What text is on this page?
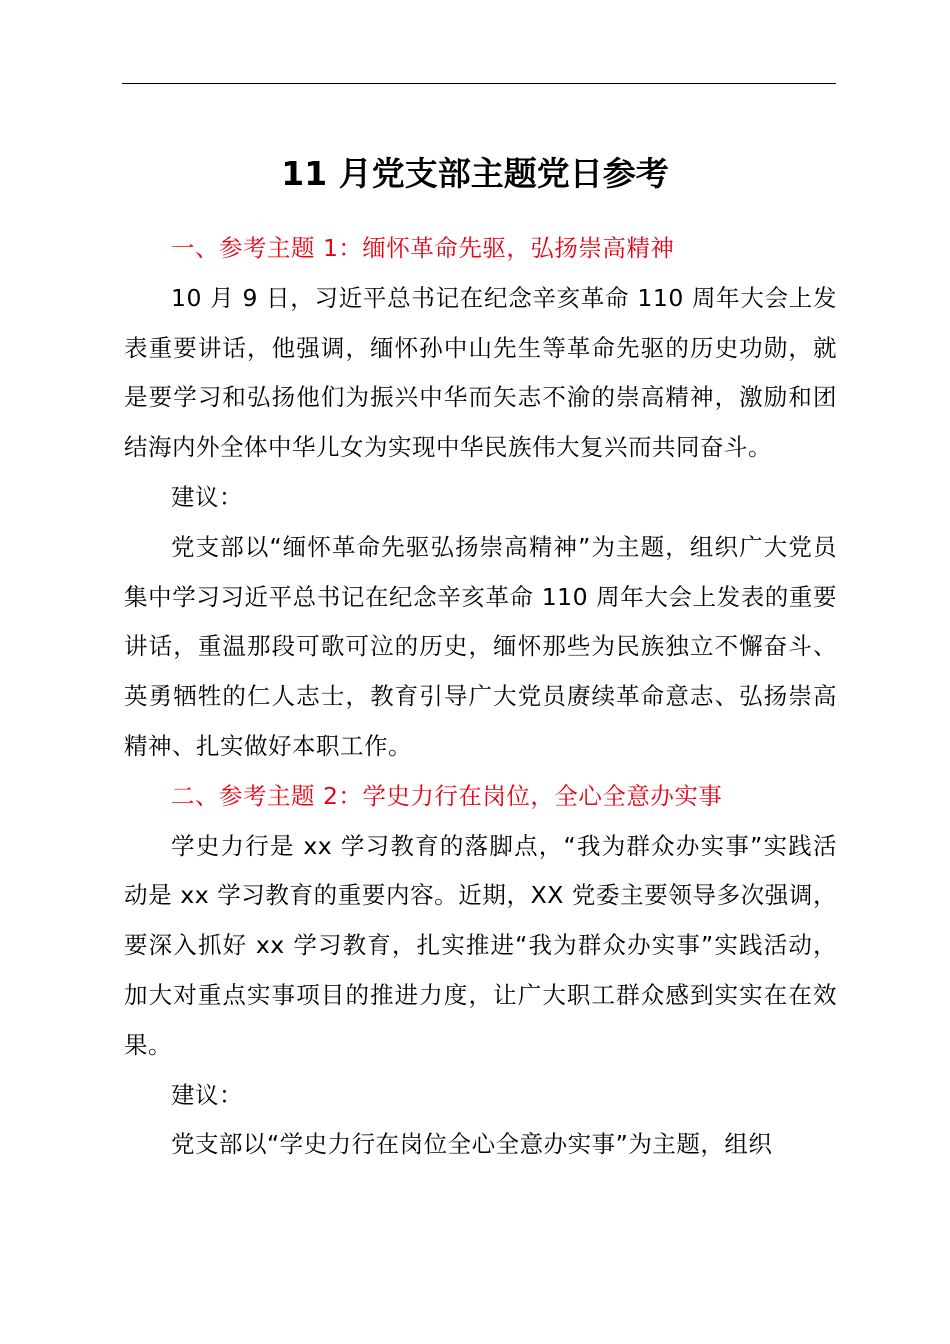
11 月党支部主题党日参考

一、参考主题 1：缅怀革命先驱，弘扬崇高精神

10 月 9 日，习近平总书记在纪念辛亥革命 110 周年大会上发表重要讲话，他强调，缅怀孙中山先生等革命先驱的历史功勋，就是要学习和弘扬他们为振兴中华而矢志不渝的崇高精神，激励和团结海内外全体中华儿女为实现中华民族伟大复兴而共同奋斗。

建议：

党支部以“缅怀革命先驱弘扬崇高精神”为主题，组织广大党员集中学习习近平总书记在纪念辛亥革命 110 周年大会上发表的重要讲话，重温那段可歌可泣的历史，缅怀那些为民族独立不懈奋斗、英勇牺牲的仁人志士，教育引导广大党员赓续革命意志、弘扬崇高精神、扎实做好本职工作。

二、参考主题 2：学史力行在岗位，全心全意办实事

学史力行是 xx 学习教育的落脚点，“我为群众办实事”实践活动是 xx 学习教育的重要内容。近期，XX 党委主要领导多次强调，要深入抓好 xx 学习教育，扎实推进“我为群众办实事”实践活动，加大对重点实事项目的推进力度，让广大职工群众感到实实在在效果。

建议：

党支部以“学史力行在岗位全心全意办实事”为主题，组织
